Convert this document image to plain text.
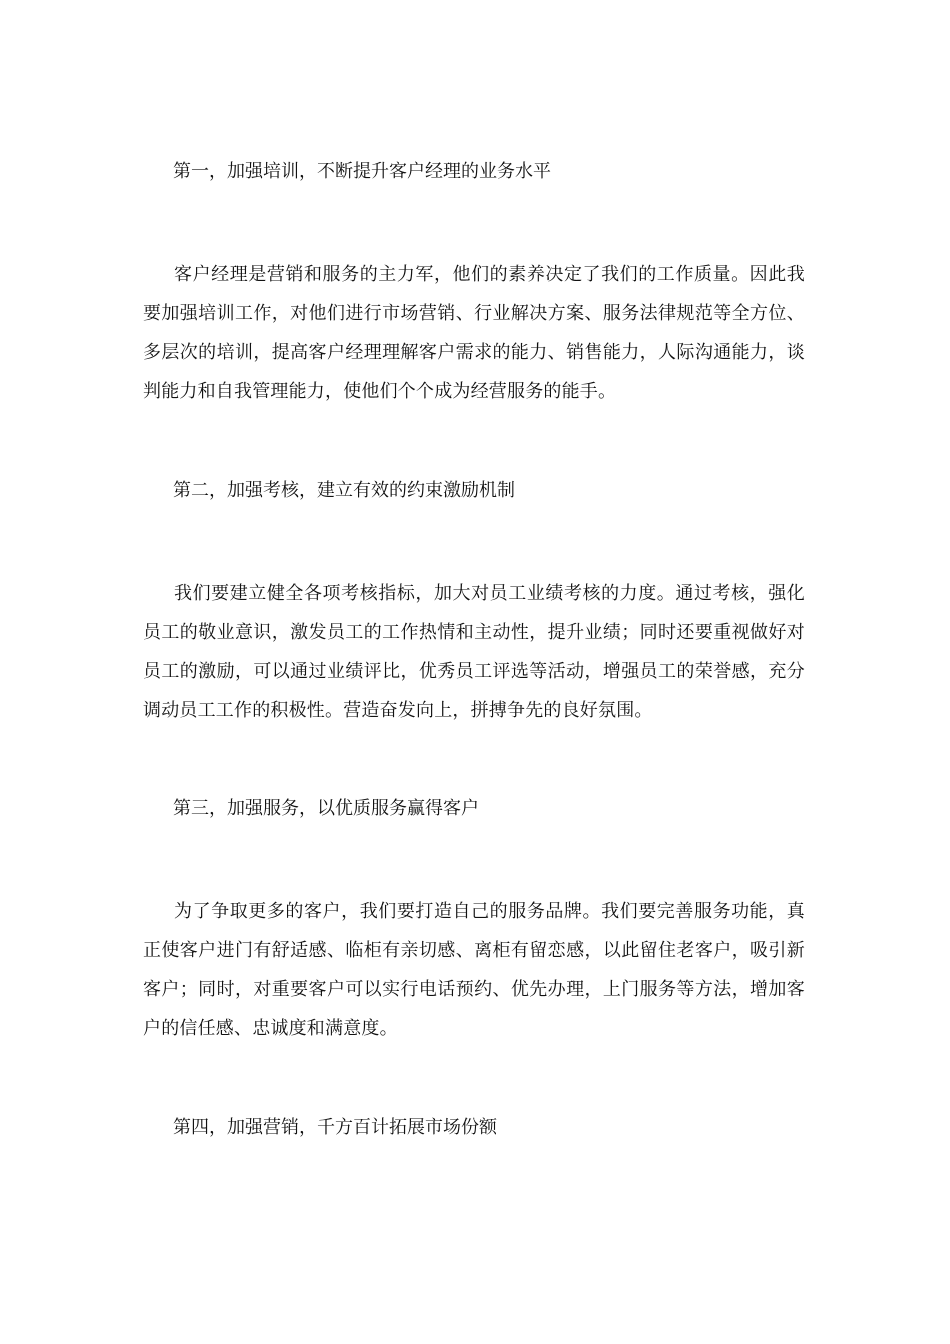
第一，加强培训，不断提升客户经理的业务水平
客户经理是营销和服务的主力军，他们的素养决定了我们的工作质量。因此我要加强培训工作，对他们进行市场营销、行业解决方案、服务法律规范等全方位、多层次的培训，提高客户经理理解客户需求的能力、销售能力，人际沟通能力，谈判能力和自我管理能力，使他们个个成为经营服务的能手。
第二，加强考核，建立有效的约束激励机制
我们要建立健全各项考核指标，加大对员工业绩考核的力度。通过考核，强化员工的敬业意识，激发员工的工作热情和主动性，提升业绩；同时还要重视做好对员工的激励，可以通过业绩评比，优秀员工评选等活动，增强员工的荣誉感，充分调动员工工作的积极性。营造奋发向上，拼搏争先的良好氛围。
第三，加强服务，以优质服务赢得客户
为了争取更多的客户，我们要打造自己的服务品牌。我们要完善服务功能，真正使客户进门有舒适感、临柜有亲切感、离柜有留恋感，以此留住老客户，吸引新客户；同时，对重要客户可以实行电话预约、优先办理，上门服务等方法，增加客户的信任感、忠诚度和满意度。
第四，加强营销，千方百计拓展市场份额
